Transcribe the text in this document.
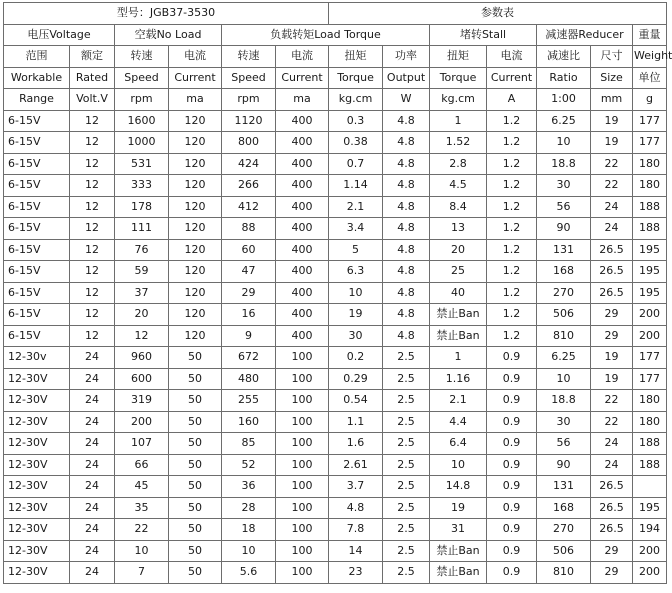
型号：JGB37-3530						参数表						
电压Voltage		空载No Load		负载转矩Load Torque				堵转Stall		减速器Reducer		重量
范围	额定	转速	电流	转速	电流	扭矩	功率	扭矩	电流	减速比	尺寸	Weight
Workable	Rated	Speed	Current	Speed	Current	Torque	Output	Torque	Current	Ratio	Size	单位
Range	Volt.V	rpm	ma	rpm	ma	kg.cm	W	kg.cm	A	1:00	mm	g
6-15V	12	1600	120	1120	400	0.3	4.8	1	1.2	6.25	19	177
6-15V	12	1000	120	800	400	0.38	4.8	1.52	1.2	10	19	177
6-15V	12	531	120	424	400	0.7	4.8	2.8	1.2	18.8	22	180
6-15V	12	333	120	266	400	1.14	4.8	4.5	1.2	30	22	180
6-15V	12	178	120	412	400	2.1	4.8	8.4	1.2	56	24	188
6-15V	12	111	120	88	400	3.4	4.8	13	1.2	90	24	188
6-15V	12	76	120	60	400	5	4.8	20	1.2	131	26.5	195
6-15V	12	59	120	47	400	6.3	4.8	25	1.2	168	26.5	195
6-15V	12	37	120	29	400	10	4.8	40	1.2	270	26.5	195
6-15V	12	20	120	16	400	19	4.8	禁止Ban	1.2	506	29	200
6-15V	12	12	120	9	400	30	4.8	禁止Ban	1.2	810	29	200
12-30v	24	960	50	672	100	0.2	2.5	1	0.9	6.25	19	177
12-30V	24	600	50	480	100	0.29	2.5	1.16	0.9	10	19	177
12-30V	24	319	50	255	100	0.54	2.5	2.1	0.9	18.8	22	180
12-30V	24	200	50	160	100	1.1	2.5	4.4	0.9	30	22	180
12-30V	24	107	50	85	100	1.6	2.5	6.4	0.9	56	24	188
12-30V	24	66	50	52	100	2.61	2.5	10	0.9	90	24	188
12-30V	24	45	50	36	100	3.7	2.5	14.8	0.9	131	26.5	
12-30V	24	35	50	28	100	4.8	2.5	19	0.9	168	26.5	195
12-30V	24	22	50	18	100	7.8	2.5	31	0.9	270	26.5	194
12-30V	24	10	50	10	100	14	2.5	禁止Ban	0.9	506	29	200
12-30V	24	7	50	5.6	100	23	2.5	禁止Ban	0.9	810	29	200
